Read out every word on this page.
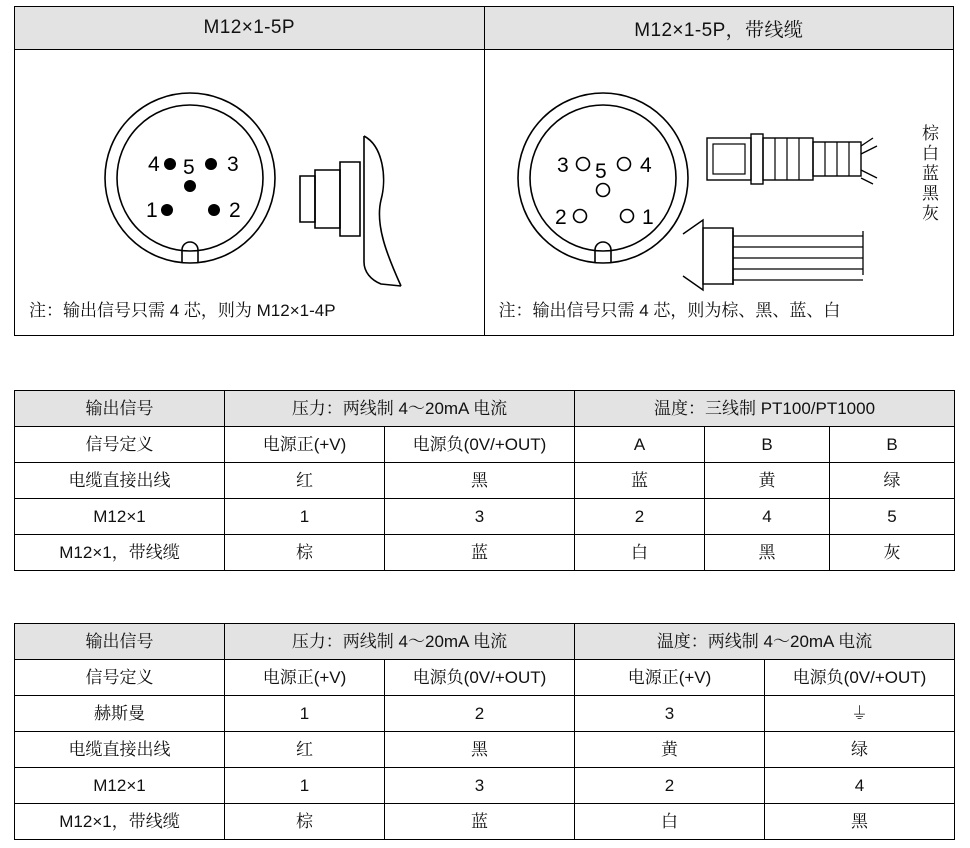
M12×1-5P	M12×1-5P，带线缆
4	3
5
1	2
注：输出信号只需 4 芯，则为 M12×1-4P
3	4
5
2	1
棕
白
蓝
黑
灰
注：输出信号只需 4 芯，则为棕、黑、蓝、白
输出信号	压力：两线制 4～20mA 电流		温度：三线制 PT100/PT1000		
信号定义	电源正(+V)	电源负(0V/+OUT)	A	B	B
电缆直接出线	红	黑	蓝	黄	绿
M12×1	1	3	2	4	5
M12×1，带线缆	棕	蓝	白	黑	灰
输出信号	压力：两线制 4～20mA 电流		温度：两线制 4～20mA 电流	
信号定义	电源正(+V)	电源负(0V/+OUT)	电源正(+V)	电源负(0V/+OUT)
赫斯曼	1	2	3	⏚
电缆直接出线	红	黑	黄	绿
M12×1	1	3	2	4
M12×1，带线缆	棕	蓝	白	黑
